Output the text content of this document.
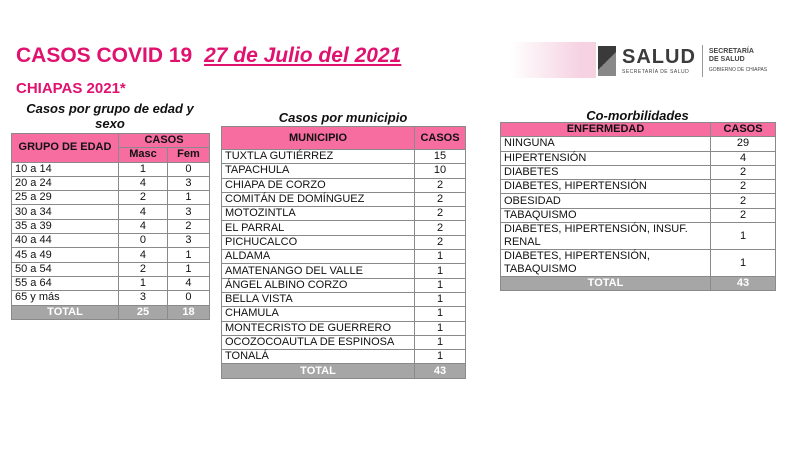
CASOS COVID 19 27 de Julio del 2021
CHIAPAS 2021*
SALUD
SECRETARÍA DE SALUD
SECRETARÍA
DE SALUD
GOBIERNO DE CHIAPAS
Casos por grupo de edad y sexo
GRUPO DE EDAD	CASOS	
	Masc	Fem
10 a 14	1	0
20 a 24	4	3
25 a 29	2	1
30 a 34	4	3
35 a 39	4	2
40 a 44	0	3
45 a 49	4	1
50 a 54	2	1
55 a 64	1	4
65 y más	3	0
TOTAL	25	18
Casos por municipio
MUNICIPIO	CASOS
TUXTLA GUTIÉRREZ	15
TAPACHULA	10
CHIAPA DE CORZO	2
COMITÁN DE DOMÍNGUEZ	2
MOTOZINTLA	2
EL PARRAL	2
PICHUCALCO	2
ALDAMA	1
AMATENANGO DEL VALLE	1
ÁNGEL ALBINO CORZO	1
BELLA VISTA	1
CHAMULA	1
MONTECRISTO DE GUERRERO	1
OCOZOCOAUTLA DE ESPINOSA	1
TONALÁ	1
TOTAL	43
Co-morbilidades
ENFERMEDAD	CASOS
NINGUNA	29
HIPERTENSIÓN	4
DIABETES	2
DIABETES, HIPERTENSIÓN	2
OBESIDAD	2
TABAQUISMO	2
DIABETES, HIPERTENSIÓN, INSUF. RENAL	1
DIABETES, HIPERTENSIÓN, TABAQUISMO	1
TOTAL	43
